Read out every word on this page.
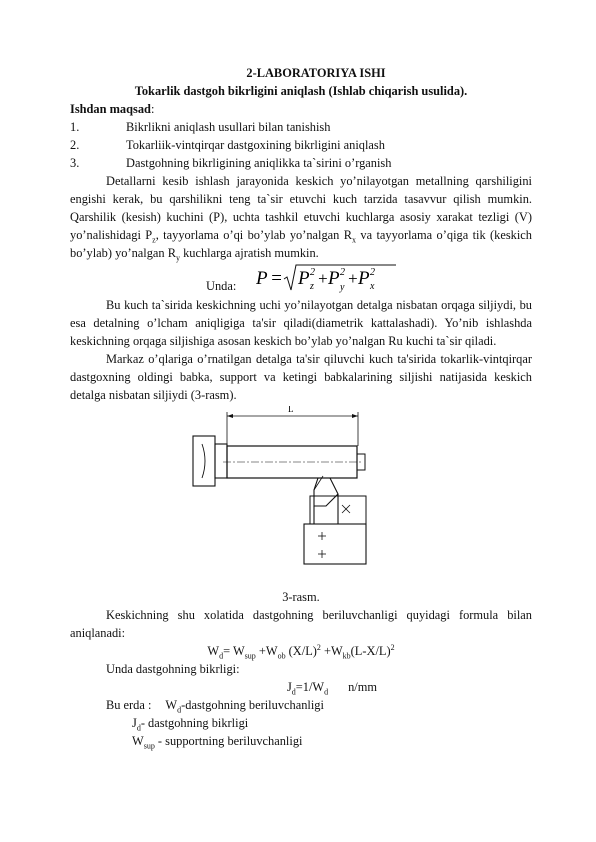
2-LABORATORIYA ISHI
Tokarlik dastgoh bikrligini aniqlash (Ishlab chiqarish usulida).
Ishdan maqsad:
1.	Bikrlikni aniqlash usullari bilan tanishish
2.	Tokarliik-vintqirqar dastgoxining bikrligini aniqlash
3.	Dastgohning bikrligining aniqlikka ta`sirini o’rganish
Detallarni kesib ishlash jarayonida keskich yo’nilayotgan metallning qarshiligini engishi kerak, bu qarshilikni teng ta`sir etuvchi kuch tarzida tasavvur qilish mumkin. Qarshilik (kesish) kuchini (P), uchta tashkil etuvchi kuchlarga asosiy xarakat tezligi (V) yo’nalishidagi $P_z$, tayyorlama o’qi bo’ylab yo’nalgan $R_x$ va tayyorlama o’qiga tik (keskich bo’ylab) yo’nalgan $R_y$ kuchlarga ajratish mumkin.
Unda: P = P 2
z + P 2
y + P 2
x
Bu kuch ta`sirida keskichning uchi yo’nilayotgan detalga nisbatan orqaga siljiydi, bu esa detalning o’lcham aniqligiga ta'sir qiladi(diametrik kattalashadi). Yo’nib ishlashda keskichning orqaga siljishiga asosan keskich bo’ylab yo’nalgan Ru kuchi ta`sir qiladi.
Markaz o’qlariga o’rnatilgan detalga ta'sir qiluvchi kuch ta'sirida tokarlik-vintqirqar dastgoxning oldingi babka, support va ketingi babkalarining siljishi natijasida keskich detalga nisbatan siljiydi (3-rasm).
L
3-rasm.
Keskichning shu xolatida dastgohning beriluvchanligi quyidagi formula bilan aniqlanadi:
$W_d= W_{sup} +W_{ob}$ $(X/L)^2 +W_{kb}(L-X/L)^2$
Unda dastgohning bikrligi:
$J_d=1/W_d$ n/mm
Bu erda : $W_d$-dastgohning beriluvchanligi
$J_d-$ dastgohning bikrligi
$W_{sup}$ - supportning beriluvchanligi
